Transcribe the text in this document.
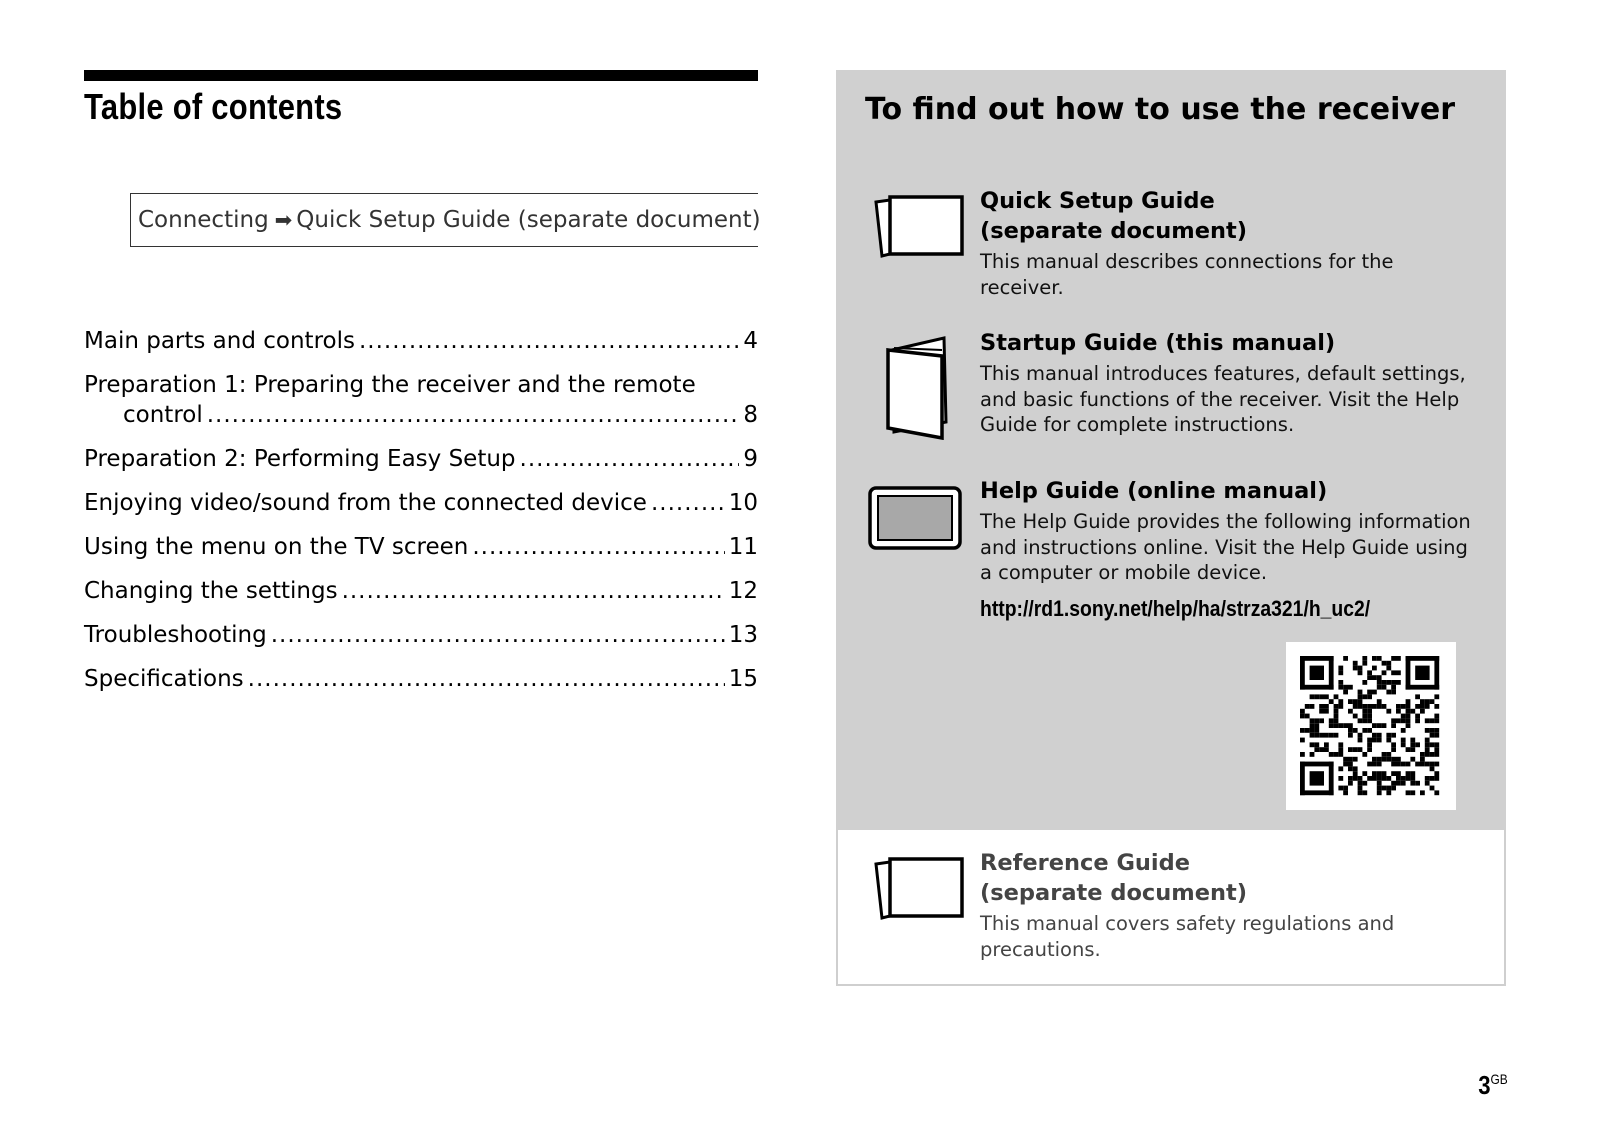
Table of contents
Connecting ➡ Quick Setup Guide (separate document)
Main parts and controls .....	4
Preparation 1: Preparing the receiver and the remote
control .....	8
Preparation 2: Performing Easy Setup .....	9
Enjoying video/sound from the connected device .....	10
Using the menu on the TV screen .....	11
Changing the settings .....	12
Troubleshooting .....	13
Specifications .....	15
To find out how to use the receiver
Quick Setup Guide
(separate document)

This manual describes connections for the receiver.

Startup Guide (this manual)

This manual introduces features, default settings, and basic functions of the receiver. Visit the Help Guide for complete instructions.

Help Guide (online manual)

The Help Guide provides the following information and instructions online. Visit the Help Guide using a computer or mobile device.

http://rd1.sony.net/help/ha/strza321/h_uc2/
Reference Guide
(separate document)

This manual covers safety regulations and precautions.

$3^{GB}$
